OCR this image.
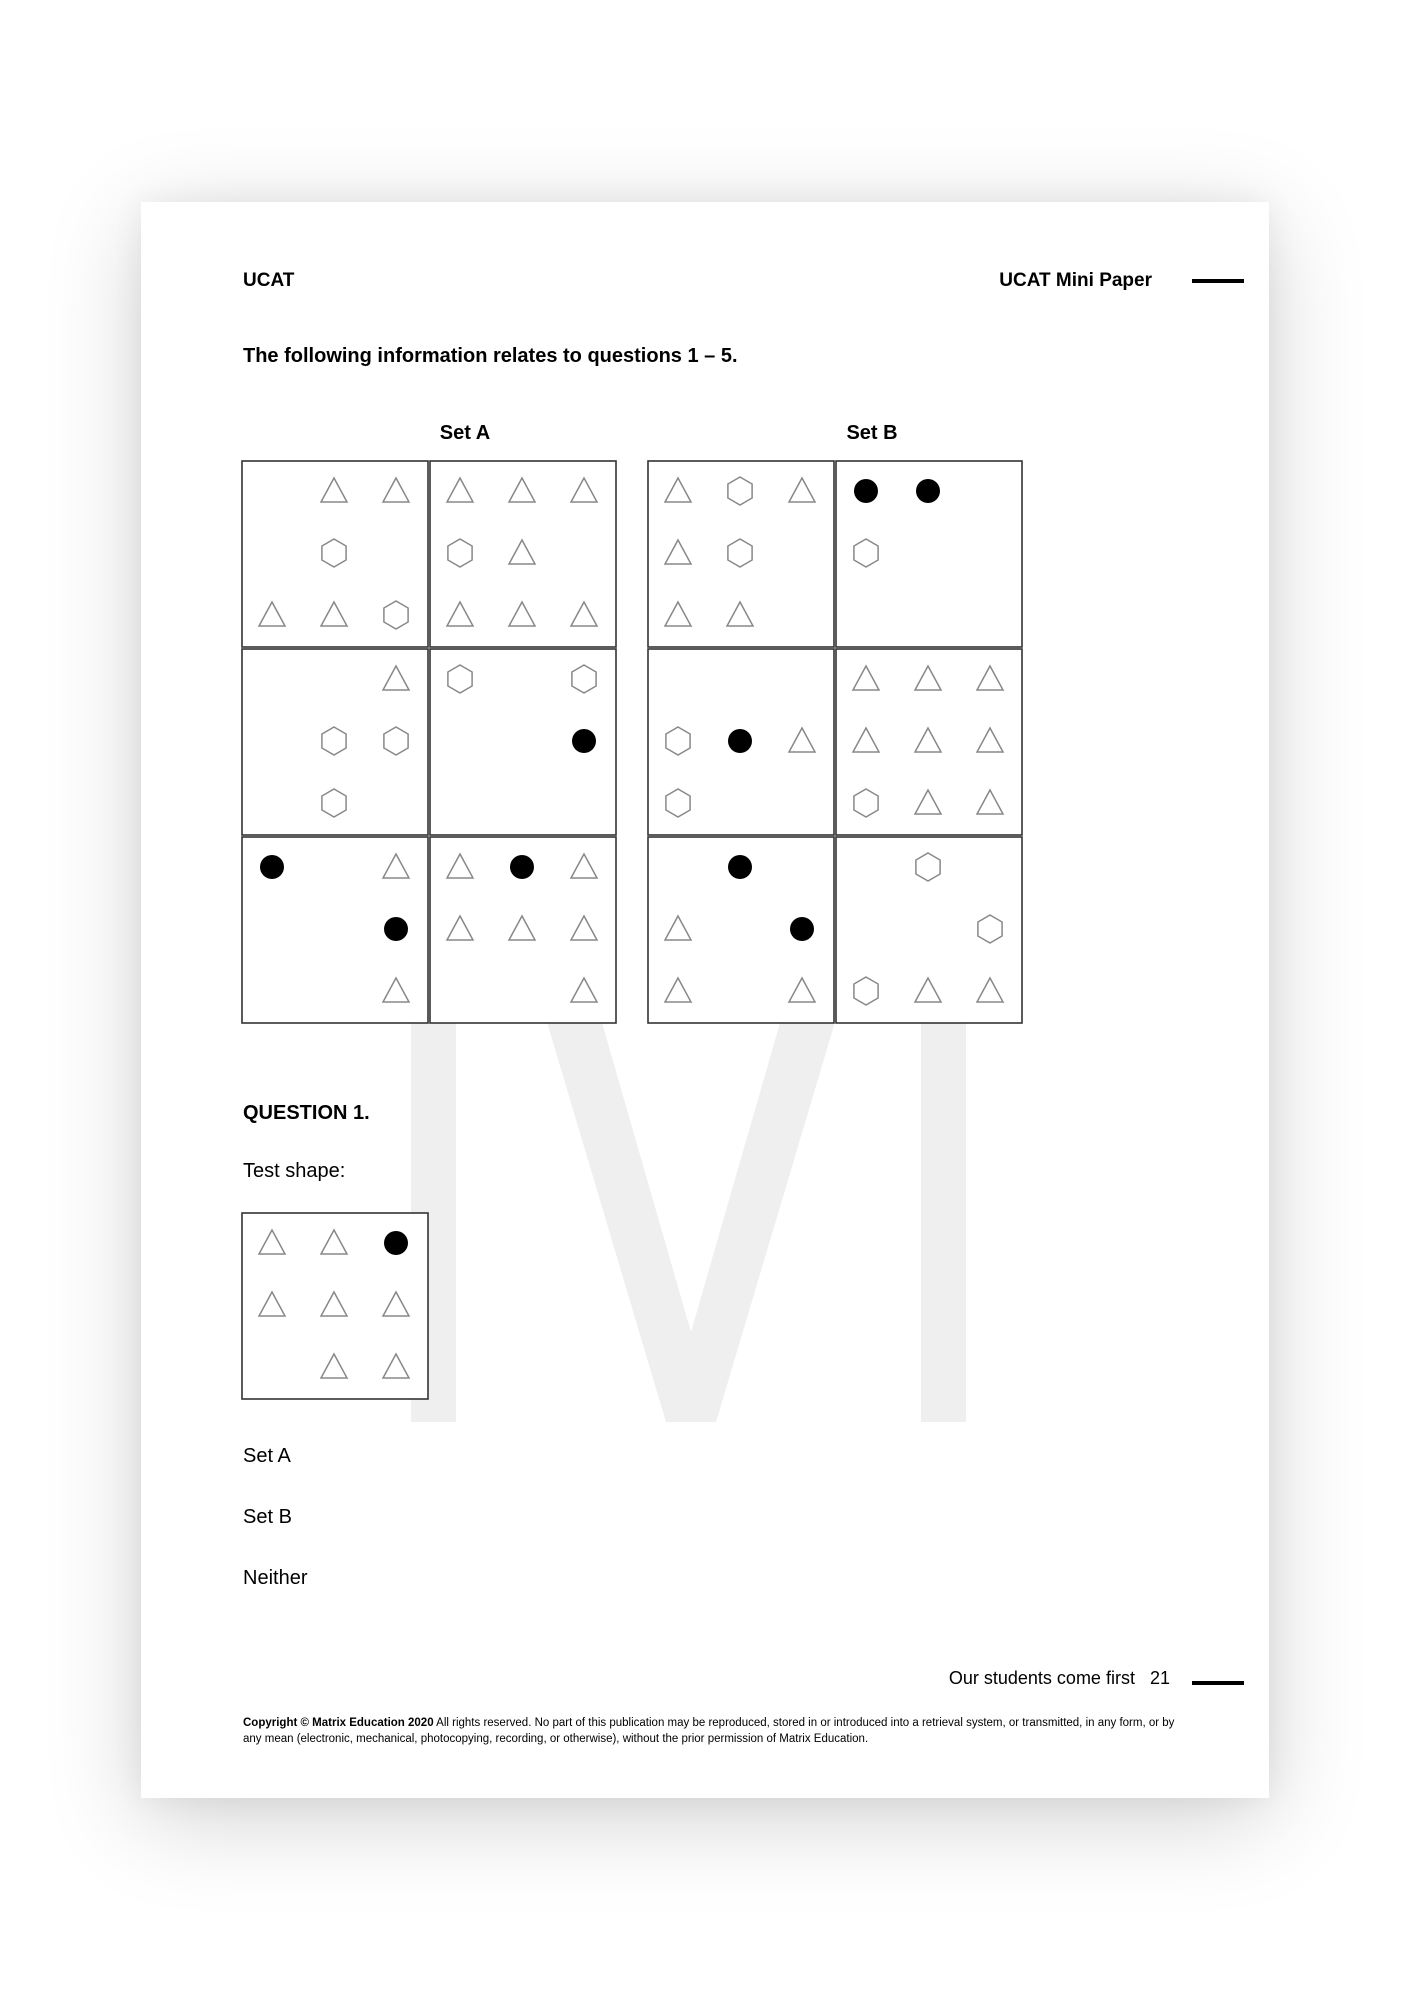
UCAT	UCAT Mini Paper
The following information relates to questions 1 – 5.
Set A	Set B
QUESTION 1.
Test shape:
Set A
Set B
Neither
Our students come first 21
Copyright © Matrix Education 2020 All rights reserved. No part of this publication may be reproduced, stored in or introduced into a retrieval system, or transmitted, in any form, or by any mean (electronic, mechanical, photocopying, recording, or otherwise), without the prior permission of Matrix Education.
